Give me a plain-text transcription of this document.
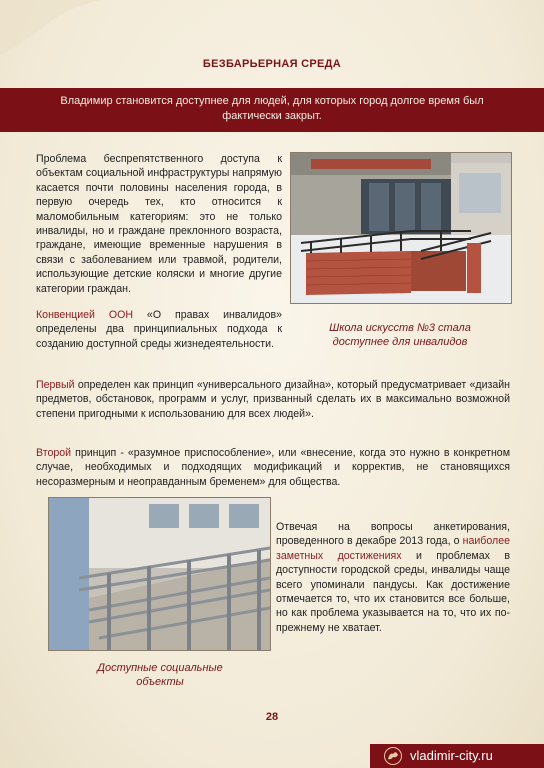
БЕЗБАРЬЕРНАЯ СРЕДА
Владимир становится доступнее для людей, для которых город долгое время был фактически закрыт.
Проблема беспрепятственного доступа к объектам социальной инфраструктуры напрямую касается почти половины населения города, в первую очередь тех, кто относится к маломобильным категориям: это не только инвалиды, но и граждане преклонного возраста, граждане, имеющие временные нарушения в связи с заболеванием или травмой, родители, использующие детские коляски и многие другие категории граждан.
Школа искусств №3 стала доступнее для инвалидов
Конвенцией ООН «О правах инвалидов» определены два принципиальных подхода к созданию доступной среды жизнедеятельности.
Первый определен как принцип «универсального дизайна», который предусматривает «дизайн предметов, обстановок, программ и услуг, призванный сделать их в максимально возможной степени пригодными к использованию для всех людей».
Второй принцип - «разумное приспособление», или «внесение, когда это нужно в конкретном случае, необходимых и подходящих модификаций и корректив, не становящихся несоразмерным и неоправданным бременем» для общества.
Доступные социальные объекты
Отвечая на вопросы анкетирования, проведенного в декабре 2013 года, о наиболее заметных достижениях и проблемах в доступности городской среды, инвалиды чаще всего упоминали пандусы. Как достижение отмечается то, что их становится все больше, но как проблема указывается на то, что их по-прежнему не хватает.
28
vladimir-city.ru
